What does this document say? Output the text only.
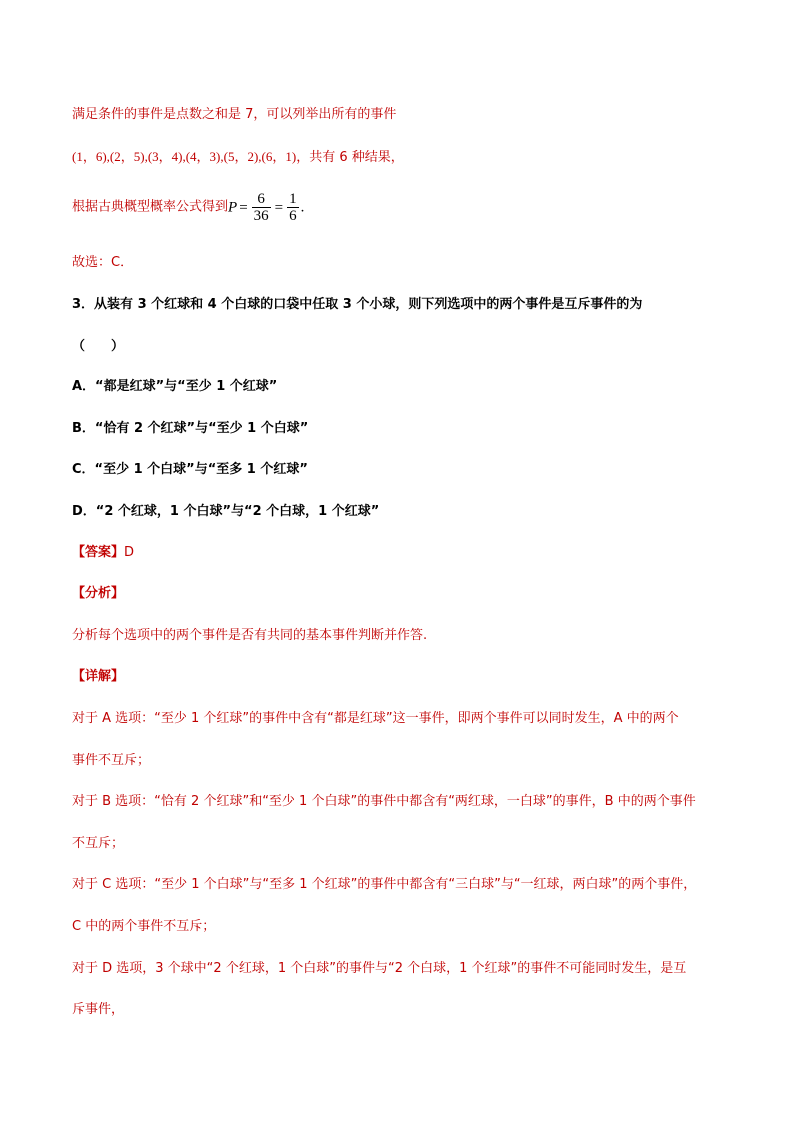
满足条件的事件是点数之和是 7，可以列举出所有的事件
(1，6),(2，5),(3，4),(4，3),(5，2),(6，1)，共有 6 种结果，
根据古典概型概率公式得到$P = \frac{6}{36} = \frac{1}{6}$ .
故选：C．
3．从装有 3 个红球和 4 个白球的口袋中任取 3 个小球，则下列选项中的两个事件是互斥事件的为
（　　）
A．“都是红球”与“至少 1 个红球”
B．“恰有 2 个红球”与“至少 1 个白球”
C．“至少 1 个白球”与“至多 1 个红球”
D．“2 个红球，1 个白球”与“2 个白球，1 个红球”
【答案】D
【分析】
分析每个选项中的两个事件是否有共同的基本事件判断并作答.
【详解】
对于 A 选项：“至少 1 个红球”的事件中含有“都是红球”这一事件，即两个事件可以同时发生，A 中的两个
事件不互斥；
对于 B 选项：“恰有 2 个红球”和“至少 1 个白球”的事件中都含有“两红球，一白球”的事件，B 中的两个事件
不互斥；
对于 C 选项：“至少 1 个白球”与“至多 1 个红球”的事件中都含有“三白球”与“一红球，两白球”的两个事件，
C 中的两个事件不互斥；
对于 D 选项，3 个球中“2 个红球，1 个白球”的事件与“2 个白球，1 个红球”的事件不可能同时发生，是互
斥事件，
